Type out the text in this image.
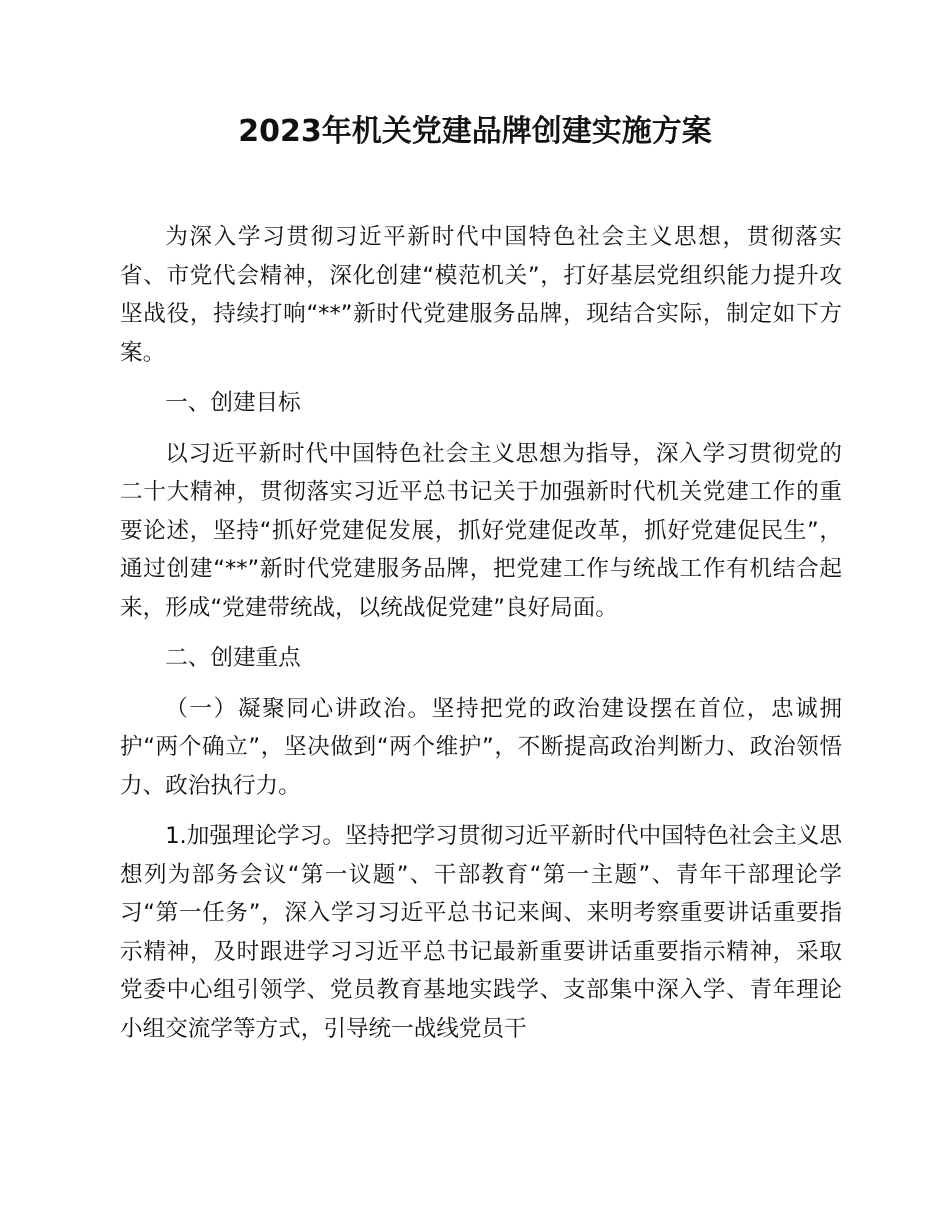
2023年机关党建品牌创建实施方案

为深入学习贯彻习近平新时代中国特色社会主义思想，贯彻落实省、市党代会精神，深化创建“模范机关”，打好基层党组织能力提升攻坚战役，持续打响“**”新时代党建服务品牌，现结合实际，制定如下方案。

一、创建目标

以习近平新时代中国特色社会主义思想为指导，深入学习贯彻党的二十大精神，贯彻落实习近平总书记关于加强新时代机关党建工作的重要论述，坚持“抓好党建促发展，抓好党建促改革，抓好党建促民生”，通过创建“**”新时代党建服务品牌，把党建工作与统战工作有机结合起来，形成“党建带统战，以统战促党建”良好局面。

二、创建重点

（一）凝聚同心讲政治。坚持把党的政治建设摆在首位，忠诚拥护“两个确立”，坚决做到“两个维护”，不断提高政治判断力、政治领悟力、政治执行力。

1.加强理论学习。坚持把学习贯彻习近平新时代中国特色社会主义思想列为部务会议“第一议题”、干部教育“第一主题”、青年干部理论学习“第一任务”，深入学习习近平总书记来闽、来明考察重要讲话重要指示精神，及时跟进学习习近平总书记最新重要讲话重要指示精神，采取党委中心组引领学、党员教育基地实践学、支部集中深入学、青年理论小组交流学等方式，引导统一战线党员干
